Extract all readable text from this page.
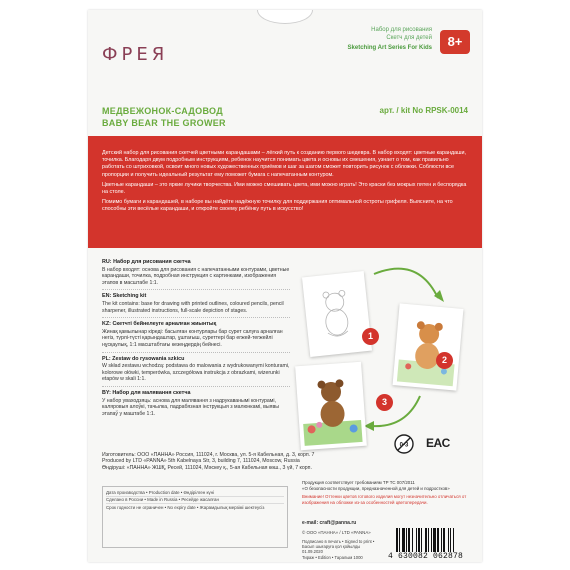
ФРЕЯ
Набор для рисования
Скетч для детей
Sketching Art Series For Kids	8+
МЕДВЕЖОНОК-САДОВОД
BABY BEAR THE GROWER
арт. / kit No RPSK-0014

Детский набор для рисования скетчей цветными карандашами – лёгкий путь к созданию первого шедевра. В набор входят: цветные карандаши, точилка. Благодаря двум подробным инструкциям, ребенок научится понимать цвета и основы их смешения, узнает о том, как правильно работать со штриховкой, освоит много новых художественных приёмов и шаг за шагом сможет повторить рисунок с обложки. Соблюсти все пропорции и получить идеальный результат ему поможет бумага с напечатанным контуром.

Цветные карандаши – это яркие лучики творчества. Ими можно смешивать цвета, ими можно играть! Это краски без мокрых пятен и беспорядка на столе.

Помимо бумаги и карандашей, в наборе вы найдёте надёжную точилку для поддержания оптимальной остроты грифеля. Выясните, на что способны эти весёлые карандаши, и откройте своему ребёнку путь в искусство!

RU: Набор для рисования скетча

В набор входят: основа для рисования с напечатанными контурами, цветные карандаши, точилка, подробная инструкция с картинками, изображения этапов в масштабе 1:1.

EN: Sketching kit

The kit contains: base for drawing with printed outlines, coloured pencils, pencil sharpener, illustrated instructions, full-scale depiction of stages.

KZ: Скетчті бейнелеуге арналған жиынтық

Жинақ қамылынар кіреді: басылған контурлары бар сурет салуға арналған негіз, түрлі-түсті қарындаштар, ұштағыш, суреттері бар егжей-тегжейлі нұсқаулық, 1:1 масштабтағы кезеңдердің бейнесі.

PL: Zestaw do rysowania szkicu

W skład zestawu wchodzą: podstawa do malowania z wydrukowanymi konturami, kolorowe ołówki, temperówka, szczegółowa instrukcja z obrazkami, wizerunki etapów w skali 1:1.

BY: Набор для малявання скетча

У набор уваходзяць: аснова для малявання з надрукаванымі контурамі, каляровыя алоўкі, тачылка, падрабязная інструкцыя з малюнкамі, выявы этапаў у маштабе 1:1.

1
2
3
0-3 EAC
Изготовитель: ООО «ПАННА» Россия, 111024, г. Москва, ул. 5-я Кабельная, д. 3, корп. 7
Produced by LTD «PANNA» 5th Kabelnaya Str, 3, building 7, 111024, Moscow, Russia
Өндіруші: «ПАННА» ЖШҚ, Ресей, 111024, Мәскеу қ., 5-ая Кабельная көш., 3 үй, 7 корп.
Дата производства • Production date • Өндірілген күні
Сделано в России • Made in Russia • Ресейде жасалған
Срок годности не ограничен • No expiry date • Жарамдылық мерзімі шектеусіз
Продукция соответствует требованиям ТР ТС 007/2011
«О безопасности продукции, предназначенной для детей и подростков»
Внимание! Оттенки цветов готового изделия могут незначительно отличаться от изображения на обложке из-за особенностей цветопередачи.
e-mail: craft@panna.ru
© ООО «ПАННА» / LTD «PANNA»
Подписано в печать • Signed to print •
Басып шығаруға қол қойылды
01.09.2020
Тираж • Edition • Таралым 1000	4 630082 062878
